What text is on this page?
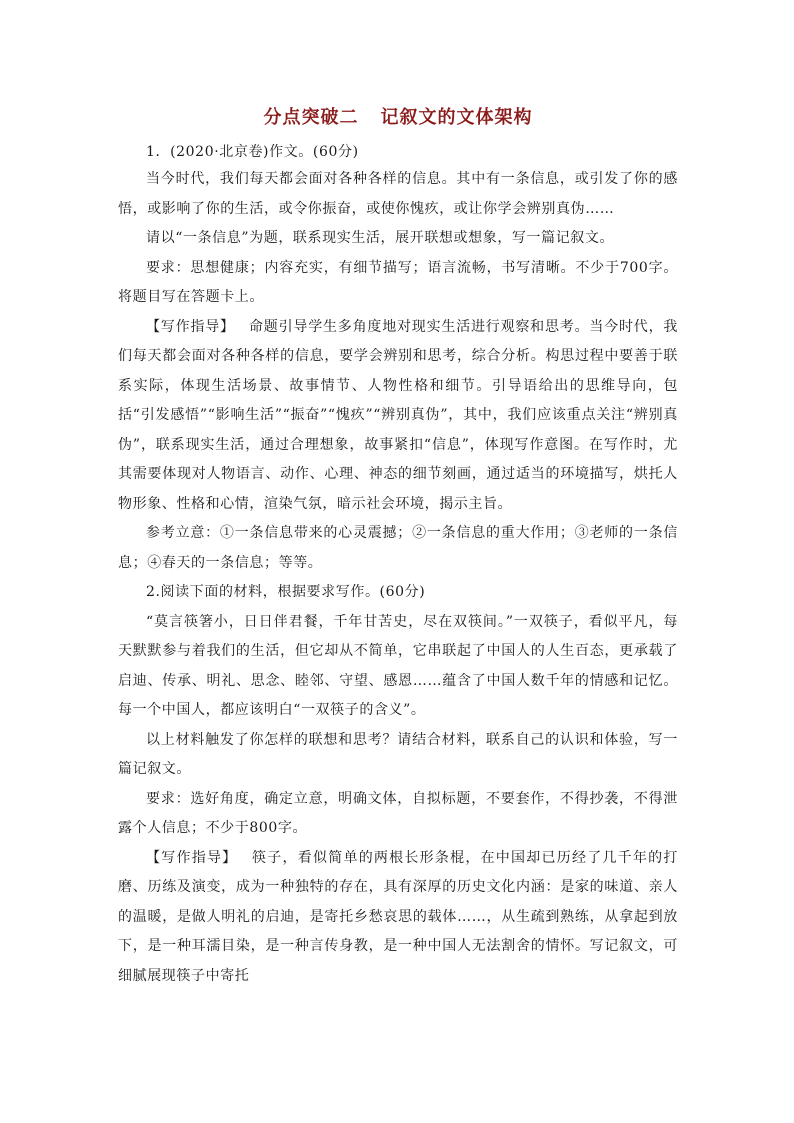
分点突破二 记叙文的文体架构

1．(2020·北京卷)作文。(60分)

当今时代，我们每天都会面对各种各样的信息。其中有一条信息，或引发了你的感悟，或影响了你的生活，或令你振奋，或使你愧疚，或让你学会辨别真伪……

请以“一条信息”为题，联系现实生活，展开联想或想象，写一篇记叙文。

要求：思想健康；内容充实，有细节描写；语言流畅，书写清晰。不少于700字。将题目写在答题卡上。

【写作指导】 命题引导学生多角度地对现实生活进行观察和思考。当今时代，我们每天都会面对各种各样的信息，要学会辨别和思考，综合分析。构思过程中要善于联系实际，体现生活场景、故事情节、人物性格和细节。引导语给出的思维导向，包括“引发感悟”“影响生活”“振奋”“愧疚”“辨别真伪”，其中，我们应该重点关注“辨别真伪”，联系现实生活，通过合理想象，故事紧扣“信息”，体现写作意图。在写作时，尤其需要体现对人物语言、动作、心理、神态的细节刻画，通过适当的环境描写，烘托人物形象、性格和心情，渲染气氛，暗示社会环境，揭示主旨。

参考立意：①一条信息带来的心灵震撼；②一条信息的重大作用；③老师的一条信息；④春天的一条信息；等等。

2.阅读下面的材料，根据要求写作。(60分)

“莫言筷箸小，日日伴君餐，千年甘苦史，尽在双筷间。”一双筷子，看似平凡，每天默默参与着我们的生活，但它却从不简单，它串联起了中国人的人生百态，更承载了启迪、传承、明礼、思念、睦邻、守望、感恩……蕴含了中国人数千年的情感和记忆。每一个中国人，都应该明白“一双筷子的含义”。

以上材料触发了你怎样的联想和思考？请结合材料，联系自己的认识和体验，写一篇记叙文。

要求：选好角度，确定立意，明确文体，自拟标题，不要套作，不得抄袭，不得泄露个人信息；不少于800字。

【写作指导】 筷子，看似简单的两根长形条棍，在中国却已历经了几千年的打磨、历练及演变，成为一种独特的存在，具有深厚的历史文化内涵：是家的味道、亲人的温暖，是做人明礼的启迪，是寄托乡愁哀思的载体……，从生疏到熟练，从拿起到放下，是一种耳濡目染，是一种言传身教，是一种中国人无法割舍的情怀。写记叙文，可细腻展现筷子中寄托
